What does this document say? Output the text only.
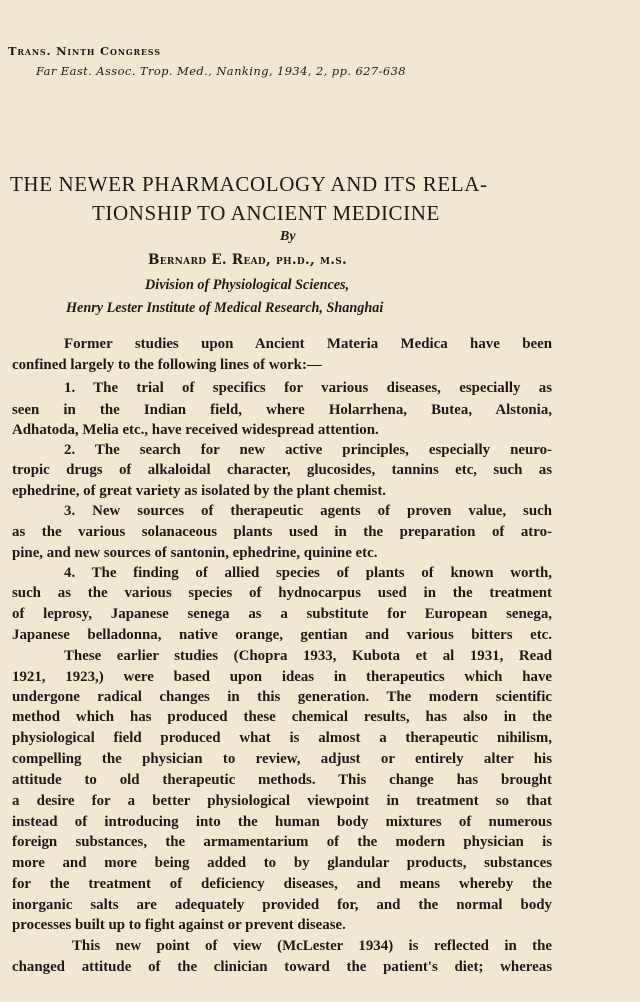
Trans. Ninth Congress
Far East. Assoc. Trop. Med., Nanking, 1934, 2, pp. 627-638
THE NEWER PHARMACOLOGY AND ITS RELA-
TIONSHIP TO ANCIENT MEDICINE
By
Bernard E. Read, ph.d., m.s.
Division of Physiological Sciences,
Henry Lester Institute of Medical Research, Shanghai
Former studies upon Ancient Materia Medica have been
confined largely to the following lines of work:—
1. The trial of specifics for various diseases, especially as
seen in the Indian field, where Holarrhena, Butea, Alstonia,
Adhatoda, Melia etc., have received widespread attention.
2. The search for new active principles, especially neuro-
tropic drugs of alkaloidal character, glucosides, tannins etc, such as
ephedrine, of great variety as isolated by the plant chemist.
3. New sources of therapeutic agents of proven value, such
as the various solanaceous plants used in the preparation of atro-
pine, and new sources of santonin, ephedrine, quinine etc.
4. The finding of allied species of plants of known worth,
such as the various species of hydnocarpus used in the treatment
of leprosy, Japanese senega as a substitute for European senega,
Japanese belladonna, native orange, gentian and various bitters etc.
These earlier studies (Chopra 1933, Kubota et al 1931, Read
1921, 1923,) were based upon ideas in therapeutics which have
undergone radical changes in this generation. The modern scientific
method which has produced these chemical results, has also in the
physiological field produced what is almost a therapeutic nihilism,
compelling the physician to review, adjust or entirely alter his
attitude to old therapeutic methods. This change has brought
a desire for a better physiological viewpoint in treatment so that
instead of introducing into the human body mixtures of numerous
foreign substances, the armamentarium of the modern physician is
more and more being added to by glandular products, substances
for the treatment of deficiency diseases, and means whereby the
inorganic salts are adequately provided for, and the normal body
processes built up to fight against or prevent disease.
This new point of view (McLester 1934) is reflected in the
changed attitude of the clinician toward the patient's diet; whereas
